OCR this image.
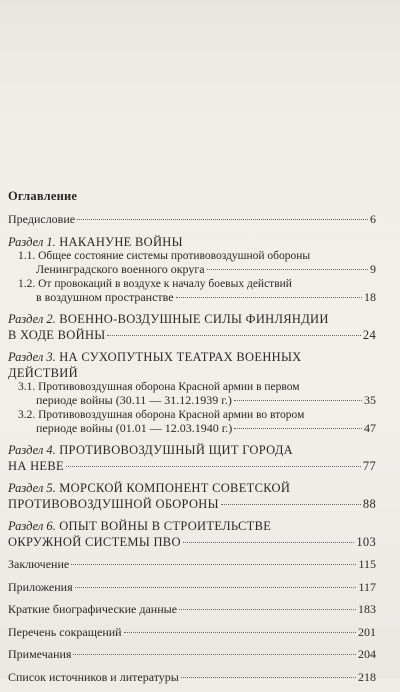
Оглавление
Предисловие	6
Раздел 1. НАКАНУНЕ ВОЙНЫ
1.1. Общее состояние системы противовоздушной обороны
Ленинградского военного округа	9
1.2. От провокаций в воздухе к началу боевых действий
в воздушном пространстве	18
Раздел 2. ВОЕННО-ВОЗДУШНЫЕ СИЛЫ ФИНЛЯНДИИ
В ХОДЕ ВОЙНЫ	24
Раздел 3. НА СУХОПУТНЫХ ТЕАТРАХ ВОЕННЫХ
ДЕЙСТВИЙ
3.1. Противовоздушная оборона Красной армии в первом
периоде войны (30.11 — 31.12.1939 г.)	35
3.2. Противовоздушная оборона Красной армии во втором
периоде войны (01.01 — 12.03.1940 г.)	47
Раздел 4. ПРОТИВОВОЗДУШНЫЙ ЩИТ ГОРОДА
НА НЕВЕ	77
Раздел 5. МОРСКОЙ КОМПОНЕНТ СОВЕТСКОЙ
ПРОТИВОВОЗДУШНОЙ ОБОРОНЫ	88
Раздел 6. ОПЫТ ВОЙНЫ В СТРОИТЕЛЬСТВЕ
ОКРУЖНОЙ СИСТЕМЫ ПВО	103
Заключение	115
Приложения	117
Краткие биографические данные	183
Перечень сокращений	201
Примечания	204
Список источников и литературы	218
